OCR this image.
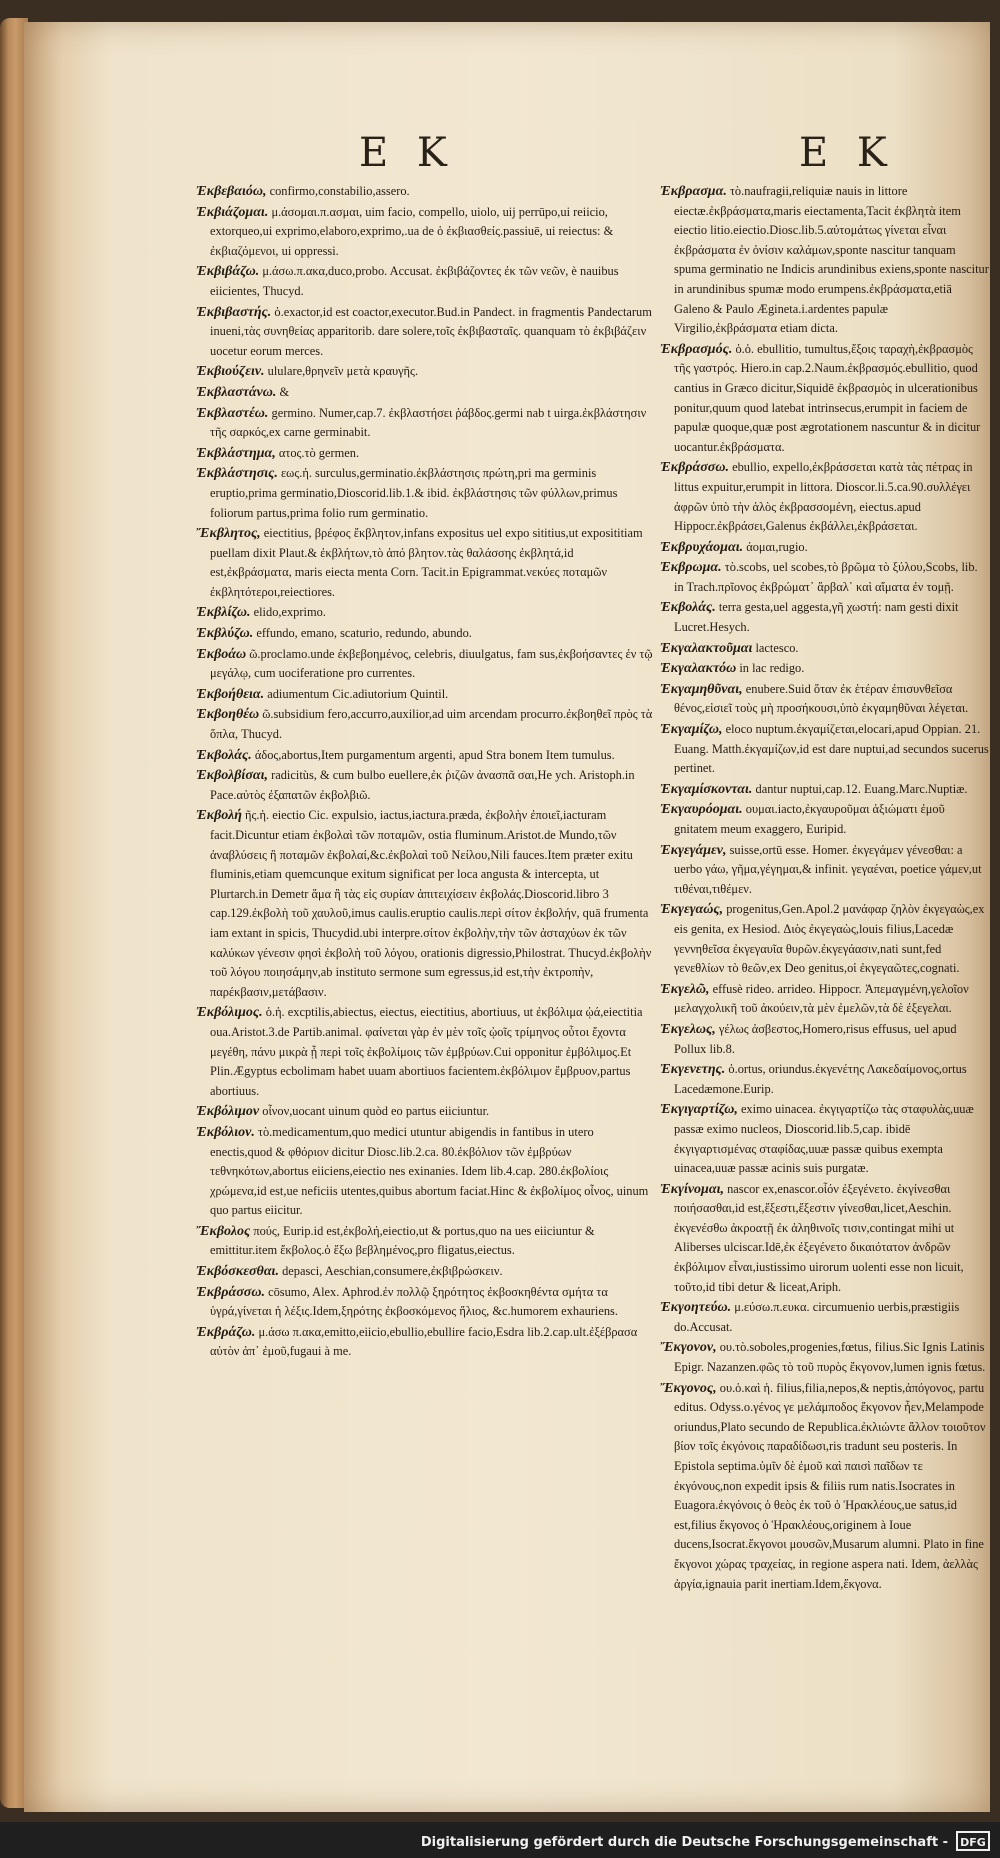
E K	E K

Ἐκβεβαιόω, confirmo,constabilio,assero.

Ἐκβιάζομαι. μ.άσομαι.π.ασμαι, uim facio, compello, uiolo, uij perrūpo,ui reiicio, extorqueo,ui exprimo,elaboro,exprimo,.ua de ὁ ἐκβιασθείς.passiuē, ui reiectus: & ἐκβιαζόμενοι, ui oppressi.

Ἐκβιβάζω. μ.άσω.π.ακα,duco,probo. Accusat. ἐκβιβάζοντες ἐκ τῶν νεῶν, è nauibus eiicientes, Thucyd.

Ἐκβιβαστής. ὁ.exactor,id est coactor,executor.Bud.in Pandect. in fragmentis Pandectarum inueni,τὰς συνηθείας apparitorib. dare solere,τοῖς ἐκβιβασταῖς. quanquam τὸ ἐκβιβάζειν uocetur eorum merces.

Ἐκβιούζειν. ululare,θρηνεῖν μετὰ κραυγῆς.

Ἐκβλαστάνω. &

Ἐκβλαστέω. germino. Numer,cap.7. ἐκβλαστήσει ῥάβδος.germi nab t uirga.ἐκβλάστησιν τῆς σαρκός,ex carne germinabit.

Ἐκβλάστημα, ατος.τὸ germen.

Ἐκβλάστησις. εως.ἡ. surculus,germinatio.ἐκβλάστησις πρώτη,pri ma germinis eruptio,prima germinatio,Dioscorid.lib.1.& ibid. ἐκβλάστησις τῶν φύλλων,primus foliorum partus,prima folio rum germinatio.

Ἔκβλητος, eiectitius, βρέφος ἔκβλητον,infans expositus uel expo sititius,ut exposititiam puellam dixit Plaut.& ἐκβλήτων,τὸ ἀπό βλητον.τὰς θαλάσσης ἐκβλητά,id est,ἐκβράσματα, maris eiecta menta Corn. Tacit.in Epigrammat.νεκύες ποταμῶν ἐκβλητότεροι,reiectiores.

Ἐκβλίζω. elido,exprimo.

Ἐκβλύζω. effundo, emano, scaturio, redundo, abundo.

Ἐκβοάω ῶ.proclamo.unde ἐκβεβοημένος, celebris, diuulgatus, fam sus,ἐκβοήσαντες ἐν τῷ μεγάλῳ, cum uociferatione pro currentes.

Ἐκβοήθεια. adiumentum Cic.adiutorium Quintil.

Ἐκβοηθέω ῶ.subsidium fero,accurro,auxilior,ad uim arcendam procurro.ἐκβοηθεῖ πρὸς τὰ ὅπλα, Thucyd.

Ἐκβολάς. άδος,abortus,Item purgamentum argenti, apud Stra bonem Item tumulus.

Ἐκβολβίσαι, radicitùs, & cum bulbo euellere,ἐκ ῥιζῶν ἀνασπᾶ σαι,He ych. Aristoph.in Pace.αὐτὸς ἐξαπατῶν ἐκβολβιῶ.

Ἐκβολή ῆς.ἡ. eiectio Cic. expulsio, iactus,iactura.præda, ἐκβολὴν ἐποιεῖ,iacturam facit.Dicuntur etiam ἐκβολαὶ τῶν ποταμῶν, ostia fluminum.Aristot.de Mundo,τῶν ἀναβλύσεις ἢ ποταμῶν ἐκβολαί,&c.ἐκβολαὶ τοῦ Νείλου,Nili fauces.Item præter exitu fluminis,etiam quemcunque exitum significat per loca angusta & intercepta, ut Plurtarch.in Demetr ἅμα ἢ τὰς εἰς συρίαν ἀπιτειχίσειν ἐκβολάς.Dioscorid.libro 3 cap.129.ἐκβολὴ τοῦ χαυλοῦ,imus caulis.eruptio caulis.περὶ σίτον ἐκβολήν, quā frumenta iam extant in spicis, Thucydid.ubi interpre.σίτον ἐκβολὴν,τὴν τῶν ἀσταχύων ἐκ τῶν καλύκων γένεσιν φησὶ ἐκβολὴ τοῦ λόγου, orationis digressio,Philostrat. Thucyd.ἐκβολὴν τοῦ λόγου ποιησάμην,ab instituto sermone sum egressus,id est,τὴν ἐκτροπὴν, παρέκβασιν,μετάβασιν.

Ἐκβόλιμος. ὁ.ἡ. excptilis,abiectus, eiectus, eiectitius, abortiuus, ut ἐκβόλιμα ᾠά,eiectitia oua.Aristot.3.de Partib.animal. φαίνεται γὰρ ἐν μὲν τοῖς ᾠοῖς τρίμηνος οὗτοι ἔχοντα μεγέθη, πάνυ μικρὰ ᾖ περὶ τοῖς ἐκβολίμοις τῶν ἐμβρύων.Cui opponitur ἐμβόλιμος.Et Plin.Ægyptus ecbolimam habet uuam abortiuos facientem.ἐκβόλιμον ἔμβρυον,partus abortiuus.

Ἐκβόλιμον οἶνον,uocant uinum quòd eo partus eiiciuntur.

Ἐκβόλιον. τὸ.medicamentum,quo medici utuntur abigendis in fantibus in utero enectis,quod & φθόριον dicitur Diosc.lib.2.ca. 80.ἐκβόλιον τῶν ἐμβρύων τεθνηκότων,abortus eiiciens,eiectio nes exinanies. Idem lib.4.cap. 280.ἐκβολίοις χρώμενα,id est,ue neficiis utentes,quibus abortum faciat.Hinc & ἐκβολίμος οἶνος, uinum quo partus eiicitur.

Ἔκβολος πούς, Eurip.id est,ἐκβολή,eiectio,ut & portus,quo na ues eiiciuntur & emittitur.item ἔκβολος.ὁ ἔξω βεβλημένος,pro fligatus,eiectus.

Ἐκβόσκεσθαι. depasci, Aeschian,consumere,ἐκβιβρώσκειν.

Ἐκβράσσω. cōsumo, Alex. Aphrod.ἐν πολλῷ ξηρότητος ἐκβοσκηθέντα σμήτα τα ὑγρά,γίνεται ἡ λέξις.Idem,ξηρότης ἐκβοσκόμενος ἥλιος, &c.humorem exhauriens.

Ἐκβράζω. μ.άσω π.ακα,emitto,eiicio,ebullio,ebullire facio,Esdra lib.2.cap.ult.ἐξέβρασα αὐτὸν ἀπ᾽ ἐμοῦ,fugaui à me.

Ἐκβρασμα. τὸ.naufragii,reliquiæ nauis in littore eiectæ.ἐκβράσματα,maris eiectamenta,Tacit ἐκβλητὰ item eiectio litio.eiectio.Diosc.lib.5.αὐτομάτως γίνεται εἶναι ἐκβράσματα ἐν ὀνίσιν καλάμων,sponte nascitur tanquam spuma germinatio ne Indicis arundinibus exiens,sponte nascitur in arundinibus spumæ modo erumpens.ἐκβράσματα,etiā Galeno & Paulo Ægineta.i.ardentes papulæ Virgilio,ἐκβράσματα etiam dicta.

Ἐκβρασμός. ὁ.ὁ. ebullitio, tumultus,ἔξοις ταραχὴ,ἐκβρασμὸς τῆς γαστρός. Hiero.in cap.2.Naum.ἐκβρασμός.ebullitio, quod cantius in Græco dicitur,Siquidē ἐκβρασμὸς in ulcerationibus ponitur,quum quod latebat intrinsecus,erumpit in faciem de papulæ quoque,quæ post ægrotationem nascuntur & in dicitur uocantur.ἐκβράσματα.

Ἐκβράσσω. ebullio, expello,ἐκβράσσεται κατὰ τὰς πέτρας in littus expuitur,erumpit in littora. Dioscor.li.5.ca.90.συλλέγει ἀφρῶν ὑπὸ τὴν ἁλὸς ἐκβρασσομένη, eiectus.apud Hippocr.ἐκβράσει,Galenus ἐκβάλλει,ἐκβράσεται.

Ἐκβρυχάομαι. άομαι,rugio.

Ἐκβρωμα. τὸ.scobs, uel scobes,τὸ βρῶμα τὸ ξύλου,Scobs, lib. in Trach.πρῖονος ἐκβρώματ᾽ ἄρβαλ᾽ καὶ αἵματα ἐν τομῇ.

Ἐκβολάς. terra gesta,uel aggesta,γῆ χωστή: nam gesti dixit Lucret.Hesych.

Ἐκγαλακτοῦμαι lactesco.

Ἐκγαλακτόω in lac redigo.

Ἐκγαμηθῦναι, enubere.Suid ὅταν ἐκ ἑτέραν ἐπισυνθεῖσα θένος,εἰσιεῖ τοὺς μὴ προσήκουσι,ὑπὸ ἐκγαμηθῦναι λέγεται.

Ἐκγαμίζω, eloco nuptum.ἐκγαμίζεται,elocari,apud Oppian. 21. Euang. Matth.ἐκγαμίζων,id est dare nuptui,ad secundos sucerus pertinet.

Ἐκγαμίσκονται. dantur nuptui,cap.12. Euang.Marc.Nuptiæ.

Ἐκγαυρόομαι. ουμαι.iacto,ἐκγαυροῦμαι ἀξιώματι ἐμοῦ gnitatem meum exaggero, Euripid.

Ἐκγεγάμεν, suisse,ortū esse. Homer. ἐκγεγάμεν γένεσθαι: a uerbo γάω, γῆμα,γέγημαι,& infinit. γεγαέναι, poetice γάμεν,ut τιθέναι,τιθέμεν.

Ἐκγεγαώς, progenitus,Gen.Apol.2 μανάφαρ ζηλὸν ἐκγεγαὼς,ex eis genita, ex Hesiod. Διὸς ἐκγεγαὼς,louis filius,Lacedæ γεννηθεῖσα ἐκγεγαυῖα θυρῶν.ἐκγεγάασιν,nati sunt,fed γενεθλίων τὸ θεῶν,ex Deo genitus,οἱ ἐκγεγαῶτες,cognati.

Ἐκγελῶ, effusè rideo. arrideo. Hippocr. Ἀπεμαγμένη,γελοῖον μελαγχολικῆ τοῦ ἀκούειν,τὰ μὲν ἐμελῶν,τὰ δὲ ἐξεγελαι.

Ἐκγελως, γέλως ἀσβεστος,Homero,risus effusus, uel apud Pollux lib.8.

Ἐκγενετης. ὁ.ortus, oriundus.ἐκγενέτης Λακεδαίμονος,ortus Lacedæmone.Eurip.

Ἐκγιγαρτίζω, eximo uinacea. ἐκγιγαρτίζω τὰς σταφυλὰς,uuæ passæ eximo nucleos, Dioscorid.lib.5,cap. ibidē ἐκγιγαρτισμένας σταφίδας,uuæ passæ quibus exempta uinacea,uuæ passæ acinis suis purgatæ.

Ἐκγίνομαι, nascor ex,enascor.οἷόν ἐξεγένετο. ἐκγίνεσθαι ποιήσασθαι,id est,ἔξεστι,ἔξεστιν γίνεσθαι,licet,Aeschin. ἐκγενέσθω ἀκροατῇ ἐκ ἀληθινοῖς τισιν,contingat mihi ut Aliberses ulciscar.Idē,ἐκ ἐξεγένετο δικαιότατον ἀνδρῶν ἐκβόλιμον εἶναι,iustissimo uirorum uolenti esse non licuit, τοῦτο,id tibi detur & liceat,Ariph.

Ἐκγοητεύω. μ.εύσω.π.ευκα. circumuenio uerbis,præstigiis do.Accusat.

Ἔκγονον, ου.τὸ.soboles,progenies,fœtus, filius.Sic Ignis Latinis Epigr. Nazanzen.φῶς τὸ τοῦ πυρὸς ἔκγονον,lumen ignis fœtus.

Ἔκγονος, ου.ὁ.καὶ ἡ. filius,filia,nepos,& neptis,ἀπόγονος, partu editus. Odyss.ο.γένος γε μελάμποδος ἔκγονον ἦεν,Melampode oriundus,Plato secundo de Republica.ἐκλιώντε ἄλλον τοιοῦτον βίον τοῖς ἐκγόνοις παραδίδωσι,ris tradunt seu posteris. In Epistola septima.ὑμῖν δὲ ἐμοῦ καὶ παισὶ παῖδων τε ἐκγόνους,non expedit ipsis & filiis rum natis.Isocrates in Euagora.ἐκγόνοις ὁ θεὸς ἐκ τοῦ ὁ Ἡρακλέους,ue satus,id est,filius ἔκγονος ὁ Ἡρακλέους,originem à Ioue ducens,Isocrat.ἔκγονοι μουσῶν,Musarum alumni. Plato in fine ἔκγονοι χώρας τραχείας, in regione aspera nati. Idem, ἀελλὰς ἀργία,ignauia parit inertiam.Idem,ἔκγονα.

Digitalisierung gefördert durch die Deutsche Forschungsgemeinschaft -	DFG
